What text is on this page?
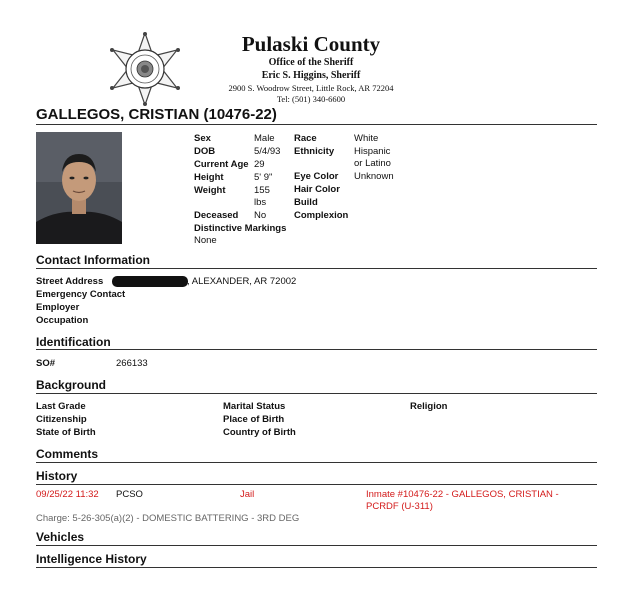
Pulaski County
Office of the Sheriff
Eric S. Higgins, Sheriff
2900 S. Woodrow Street, Little Rock, AR 72204
Tel: (501) 340-6600
GALLEGOS, CRISTIAN (10476-22)
Sex	Male
DOB	5/4/93
Current Age 29
Height	5' 9"
Weight	155
lbs
Deceased No
Distinctive Markings
None
Race	White
Ethnicity Hispanic
or Latino
Eye Color Unknown
Hair Color
Build
Complexion
Contact Information
Street Address	, ALEXANDER, AR 72002
Emergency Contact
Employer
Occupation
Identification
SO#	266133
Background
Last Grade
Citizenship
State of Birth
Marital Status
Place of Birth
Country of Birth
Religion
Comments
History
09/25/22 11:32 PCSO	Jail	Inmate #10476-22 - GALLEGOS, CRISTIAN -
PCRDF (U-311)
Charge: 5-26-305(a)(2) - DOMESTIC BATTERING - 3RD DEG
Vehicles
Intelligence History
